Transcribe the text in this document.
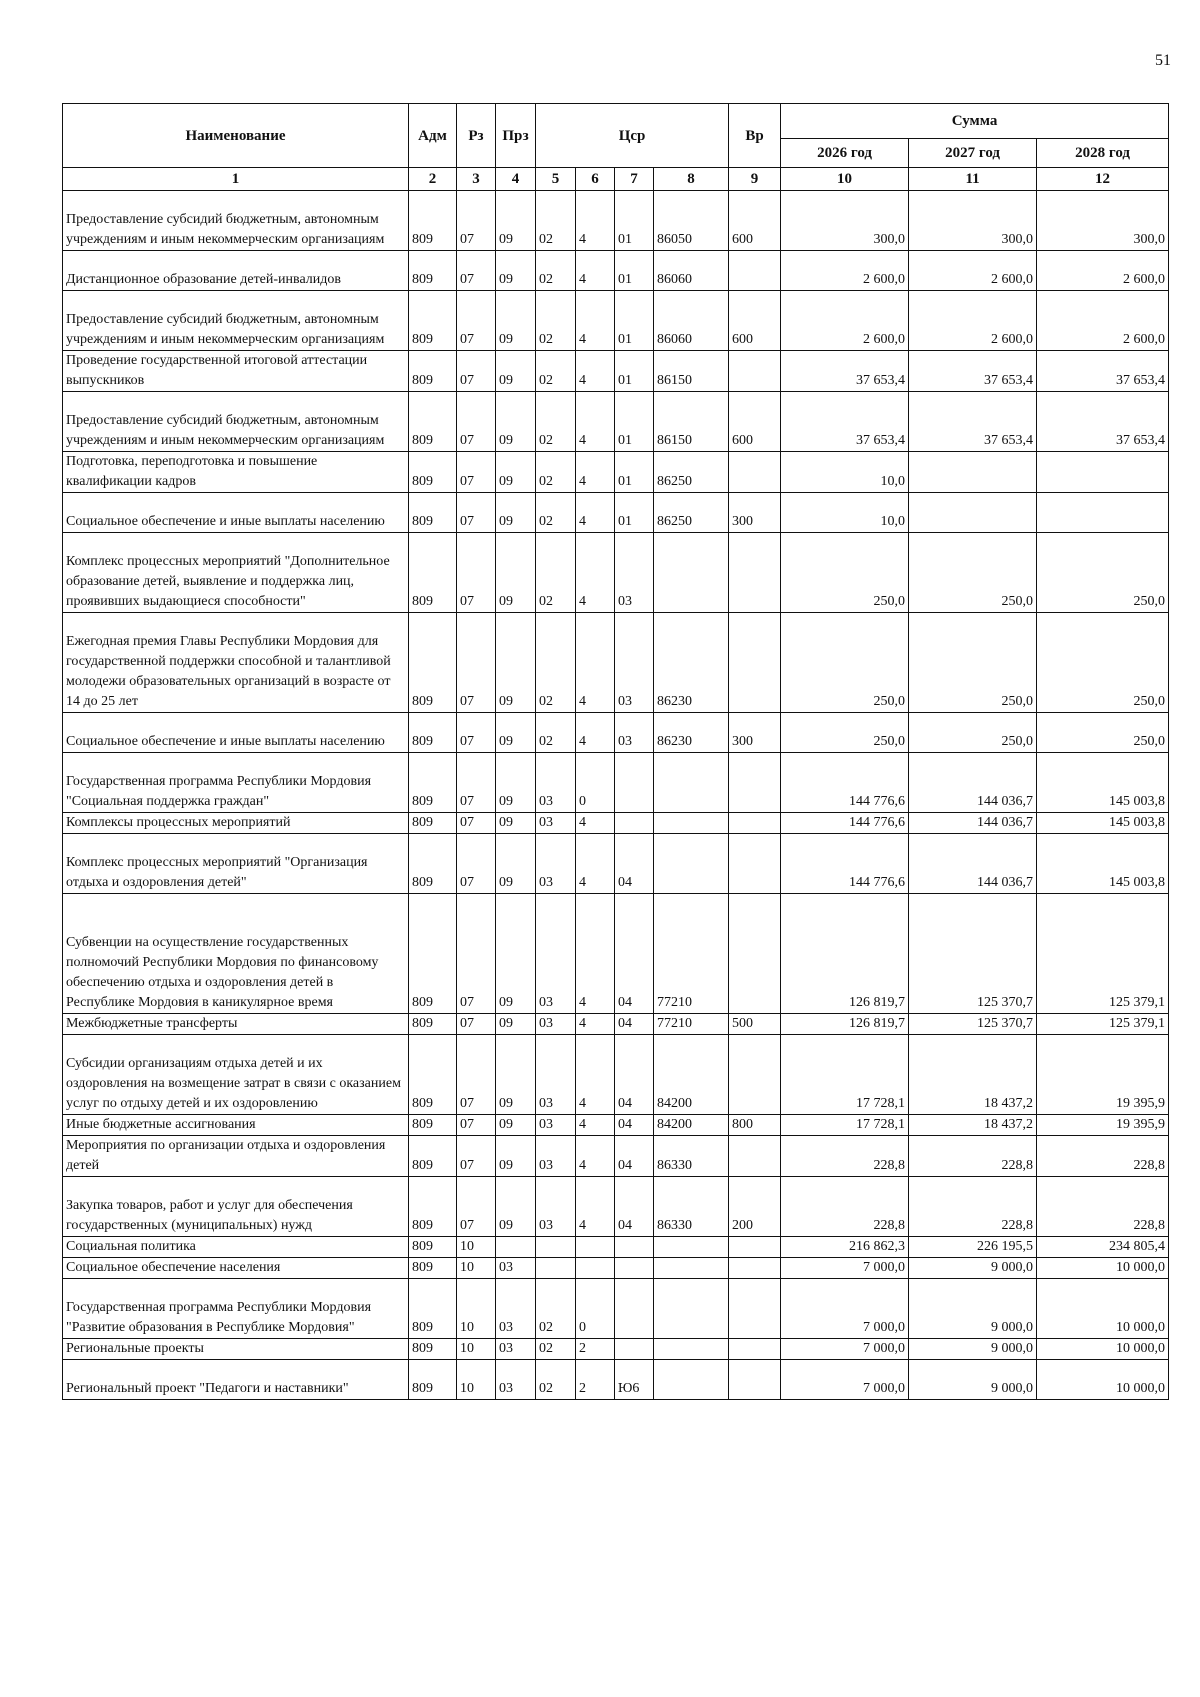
51
Наименование	Адм	Рз	Прз	Цср				Вр	Сумма		
									2026 год	2027 год	2028 год
1	2	3	4	5	6	7	8	9	10	11	12
Предоставление субсидий бюджетным, автономным учреждениям и иным некоммерческим организациям	809	07	09	02	4	01	86050	600	300,0	300,0	300,0
Дистанционное образование детей-инвалидов	809	07	09	02	4	01	86060		2 600,0	2 600,0	2 600,0
Предоставление субсидий бюджетным, автономным учреждениям и иным некоммерческим организациям	809	07	09	02	4	01	86060	600	2 600,0	2 600,0	2 600,0
Проведение государственной итоговой аттестации выпускников	809	07	09	02	4	01	86150		37 653,4	37 653,4	37 653,4
Предоставление субсидий бюджетным, автономным учреждениям и иным некоммерческим организациям	809	07	09	02	4	01	86150	600	37 653,4	37 653,4	37 653,4
Подготовка, переподготовка и повышение квалификации кадров	809	07	09	02	4	01	86250		10,0		
Социальное обеспечение и иные выплаты населению	809	07	09	02	4	01	86250	300	10,0		
Комплекс процессных мероприятий "Дополнительное образование детей, выявление и поддержка лиц, проявивших выдающиеся способности"	809	07	09	02	4	03			250,0	250,0	250,0
Ежегодная премия Главы Республики Мордовия для государственной поддержки способной и талантливой молодежи образовательных организаций в возрасте от 14 до 25 лет	809	07	09	02	4	03	86230		250,0	250,0	250,0
Социальное обеспечение и иные выплаты населению	809	07	09	02	4	03	86230	300	250,0	250,0	250,0
Государственная программа Республики Мордовия "Социальная поддержка граждан"	809	07	09	03	0				144 776,6	144 036,7	145 003,8
Комплексы процессных мероприятий	809	07	09	03	4				144 776,6	144 036,7	145 003,8
Комплекс процессных мероприятий "Организация отдыха и оздоровления детей"	809	07	09	03	4	04			144 776,6	144 036,7	145 003,8
Субвенции на осуществление государственных полномочий Республики Мордовия по финансовому обеспечению отдыха и оздоровления детей в Республике Мордовия в каникулярное время	809	07	09	03	4	04	77210		126 819,7	125 370,7	125 379,1
Межбюджетные трансферты	809	07	09	03	4	04	77210	500	126 819,7	125 370,7	125 379,1
Субсидии организациям отдыха детей и их оздоровления на возмещение затрат в связи с оказанием услуг по отдыху детей и их оздоровлению	809	07	09	03	4	04	84200		17 728,1	18 437,2	19 395,9
Иные бюджетные ассигнования	809	07	09	03	4	04	84200	800	17 728,1	18 437,2	19 395,9
Мероприятия по организации отдыха и оздоровления детей	809	07	09	03	4	04	86330		228,8	228,8	228,8
Закупка товаров, работ и услуг для обеспечения государственных (муниципальных) нужд	809	07	09	03	4	04	86330	200	228,8	228,8	228,8
Социальная политика	809	10							216 862,3	226 195,5	234 805,4
Социальное обеспечение населения	809	10	03						7 000,0	9 000,0	10 000,0
Государственная программа Республики Мордовия "Развитие образования в Республике Мордовия"	809	10	03	02	0				7 000,0	9 000,0	10 000,0
Региональные проекты	809	10	03	02	2				7 000,0	9 000,0	10 000,0
Региональный проект "Педагоги и наставники"	809	10	03	02	2	Ю6			7 000,0	9 000,0	10 000,0
